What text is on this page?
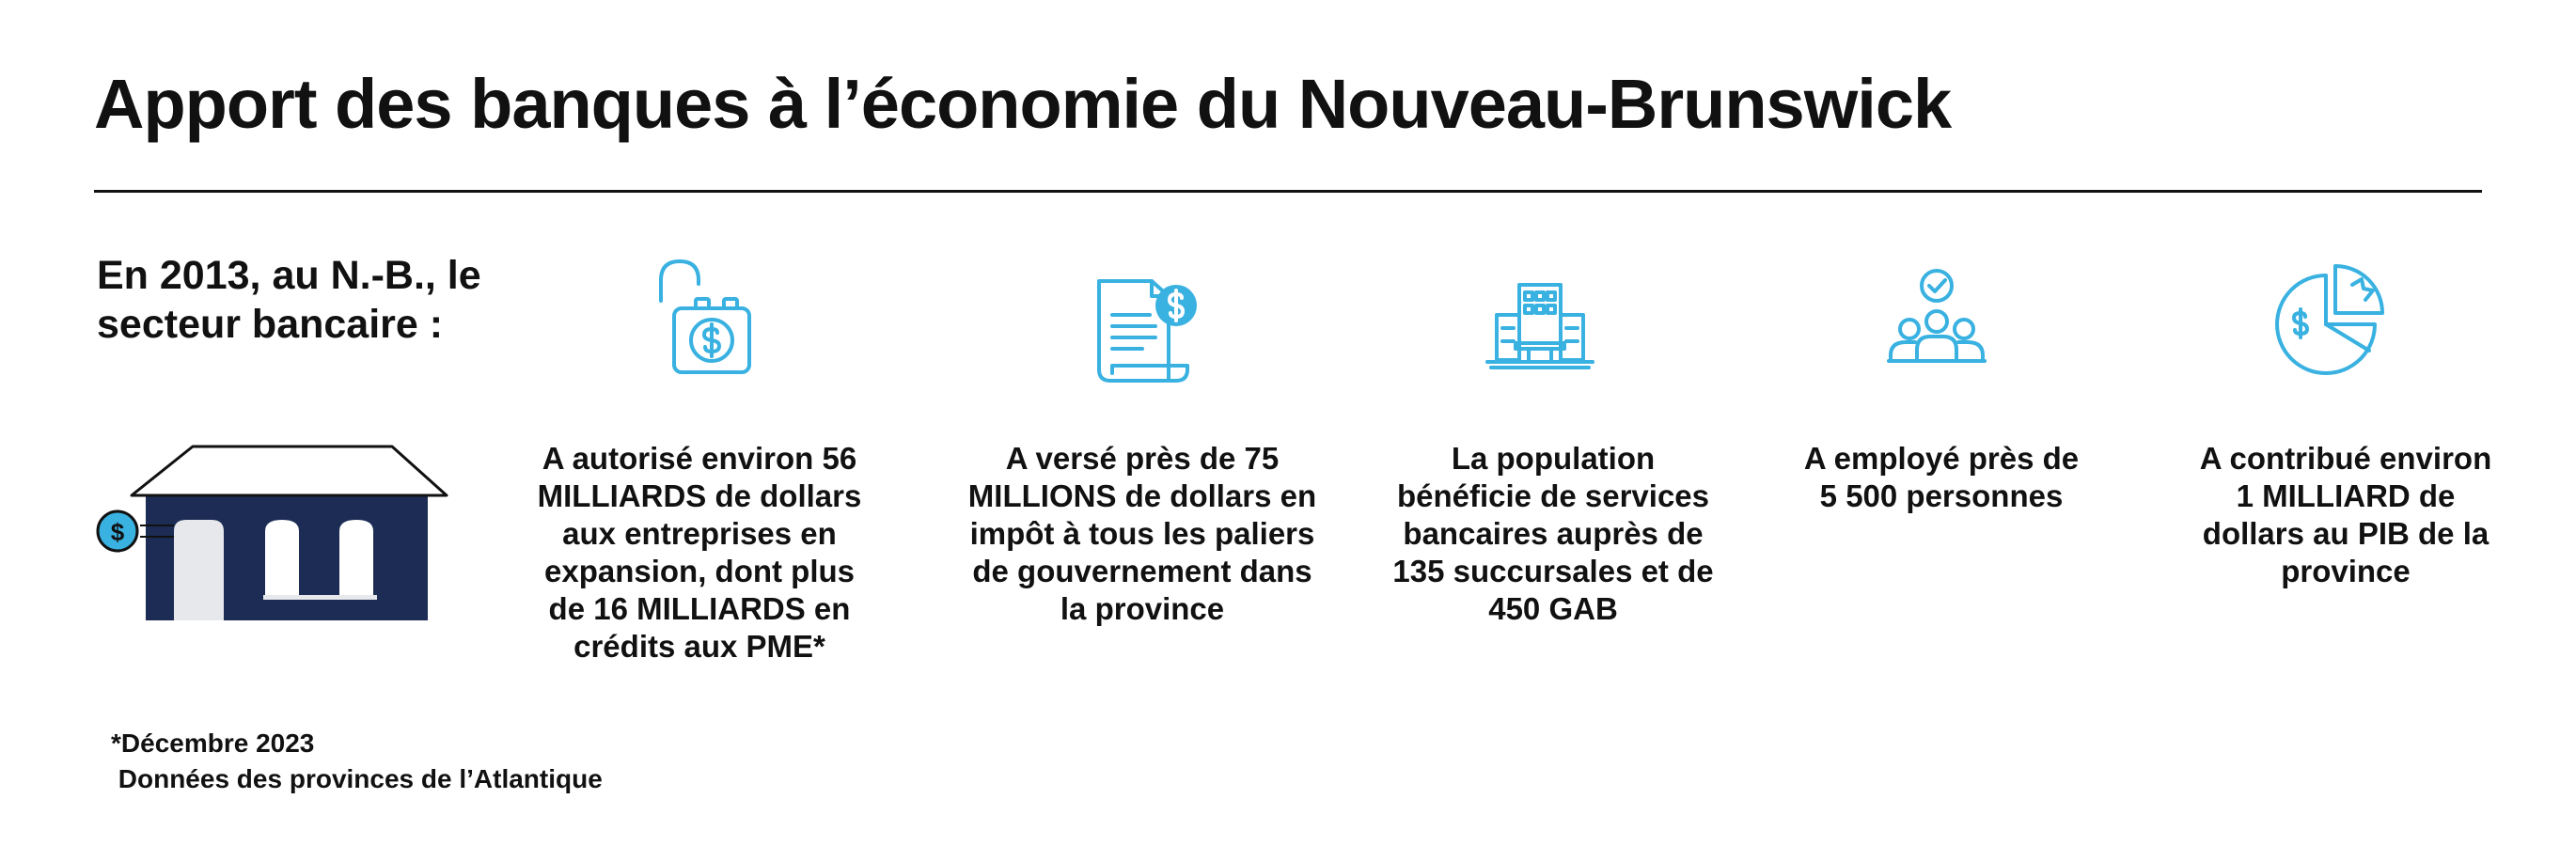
Apport des banques à l’économie du Nouveau-Brunswick
En 2013, au N.-B., le
secteur bancaire :
$
A autorisé environ 56
MILLIARDS de dollars
aux entreprises en
expansion, dont plus
de 16 MILLIARDS en
crédits aux PME*
A versé près de 75
MILLIONS de dollars en
impôt à tous les paliers
de gouvernement dans
la province
La population
bénéficie de services
bancaires auprès de
135 succursales et de
450 GAB
A employé près de
5 500 personnes
A contribué environ
1 MILLIARD de
dollars au PIB de la
province
*Décembre 2023
Données des provinces de l’Atlantique
